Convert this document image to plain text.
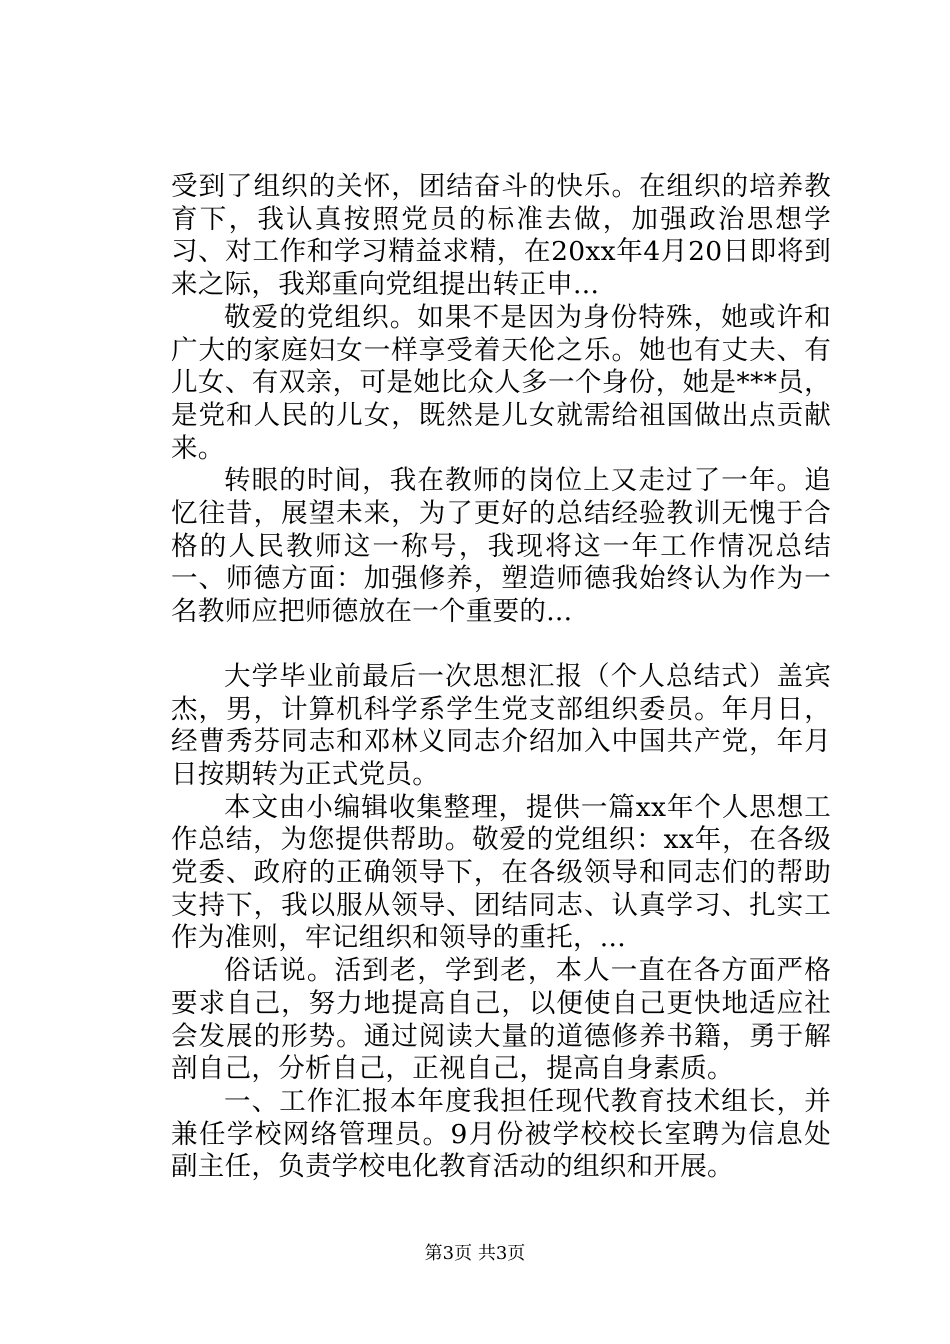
受到了组织的关怀，团结奋斗的快乐。在组织的培养教育下，我认真按照党员的标准去做，加强政治思想学习、对工作和学习精益求精，在20xx年4月20日即将到来之际，我郑重向党组提出转正申...

敬爱的党组织。如果不是因为身份特殊，她或许和广大的家庭妇女一样享受着天伦之乐。她也有丈夫、有儿女、有双亲，可是她比众人多一个身份，她是***员，是党和人民的儿女，既然是儿女就需给祖国做出点贡献来。

转眼的时间，我在教师的岗位上又走过了一年。追忆往昔，展望未来，为了更好的总结经验教训无愧于合格的人民教师这一称号，我现将这一年工作情况总结一、师德方面：加强修养，塑造师德我始终认为作为一名教师应把师德放在一个重要的...

大学毕业前最后一次思想汇报（个人总结式）盖宾杰，男，计算机科学系学生党支部组织委员。年月日，经曹秀芬同志和邓林义同志介绍加入中国共产党，年月日按期转为正式党员。

本文由小编辑收集整理，提供一篇xx年个人思想工作总结，为您提供帮助。敬爱的党组织：xx年，在各级党委、政府的正确领导下，在各级领导和同志们的帮助支持下，我以服从领导、团结同志、认真学习、扎实工作为准则，牢记组织和领导的重托，...

俗话说。活到老，学到老，本人一直在各方面严格要求自己，努力地提高自己，以便使自己更快地适应社会发展的形势。通过阅读大量的道德修养书籍，勇于解剖自己，分析自己，正视自己，提高自身素质。

一、工作汇报本年度我担任现代教育技术组长，并兼任学校网络管理员。9月份被学校校长室聘为信息处副主任，负责学校电化教育活动的组织和开展。

第3页 共3页
